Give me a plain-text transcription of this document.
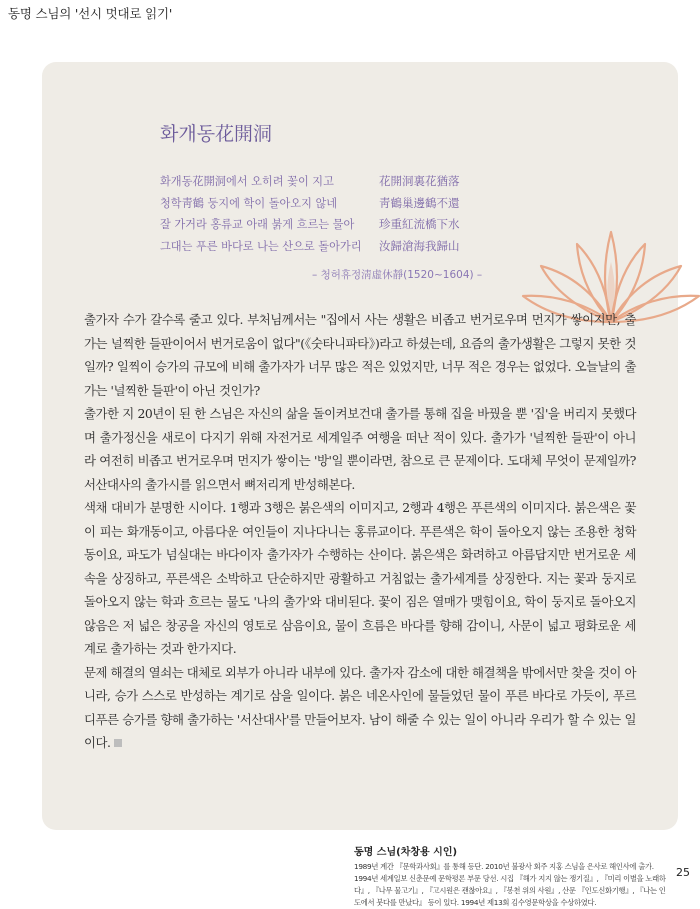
동명 스님의 '선시 멋대로 읽기'
화개동花開洞
화개동花開洞에서 오히려 꽃이 지고
청학靑鶴 둥지에 학이 돌아오지 않네
잘 가거라 홍류교 아래 붉게 흐르는 물아
그대는 푸른 바다로 나는 산으로 돌아가리
花開洞裏花猶落
靑鶴巢邊鶴不還
珍重紅流橋下水
汝歸滄海我歸山
– 청허휴정淸虛休靜(1520~1604) –

출가자 수가 갈수록 줄고 있다. 부처님께서는 "집에서 사는 생활은 비좁고 번거로우며 먼지가 쌓이지만, 출가는 널찍한 들판이어서 번거로움이 없다"(《숫타니파타》)라고 하셨는데, 요즘의 출가생활은 그렇지 못한 것일까? 일찍이 승가의 규모에 비해 출가자가 너무 많은 적은 있었지만, 너무 적은 경우는 없었다. 오늘날의 출가는 '널찍한 들판'이 아닌 것인가?

출가한 지 20년이 된 한 스님은 자신의 삶을 돌이켜보건대 출가를 통해 집을 바꿨을 뿐 '집'을 버리지 못했다며 출가정신을 새로이 다지기 위해 자전거로 세계일주 여행을 떠난 적이 있다. 출가가 '널찍한 들판'이 아니라 여전히 비좁고 번거로우며 먼지가 쌓이는 '방'일 뿐이라면, 참으로 큰 문제이다. 도대체 무엇이 문제일까? 서산대사의 출가시를 읽으면서 뼈저리게 반성해본다.

색채 대비가 분명한 시이다. 1행과 3행은 붉은색의 이미지고, 2행과 4행은 푸른색의 이미지다. 붉은색은 꽃이 피는 화개동이고, 아름다운 여인들이 지나다니는 홍류교이다. 푸른색은 학이 돌아오지 않는 조용한 청학동이요, 파도가 넘실대는 바다이자 출가자가 수행하는 산이다. 붉은색은 화려하고 아름답지만 번거로운 세속을 상징하고, 푸른색은 소박하고 단순하지만 광활하고 거침없는 출가세계를 상징한다. 지는 꽃과 둥지로 돌아오지 않는 학과 흐르는 물도 '나의 출가'와 대비된다. 꽃이 짐은 열매가 맺힘이요, 학이 둥지로 돌아오지 않음은 저 넓은 창공을 자신의 영토로 삼음이요, 물이 흐름은 바다를 향해 감이니, 사문이 넓고 평화로운 세계로 출가하는 것과 한가지다.

문제 해결의 열쇠는 대체로 외부가 아니라 내부에 있다. 출가자 감소에 대한 해결책을 밖에서만 찾을 것이 아니라, 승가 스스로 반성하는 계기로 삼을 일이다. 붉은 네온사인에 물들었던 물이 푸른 바다로 가듯이, 푸르디푸른 승가를 향해 출가하는 '서산대사'를 만들어보자. 남이 해줄 수 있는 일이 아니라 우리가 할 수 있는 일이다.

동명 스님(차창용 시인)
1989년 계간 『문학과사회』를 통해 등단. 2010년 불광사 회주 지홍 스님을 은사로 해인사에 출가. 1994년 세계일보 신춘문예 문학평론 부문 당선. 시집 『해가 지지 않는 쟁기질』, 『미리 이별을 노래하다』, 『나무 물고기』, 『고시원은 괜찮아요』, 『봉천 위의 사원』, 산문 『인도신화기행』, 『나는 인도에서 붓다를 만났다』 등이 있다. 1994년 제13회 김수영문학상을 수상하였다.
25
